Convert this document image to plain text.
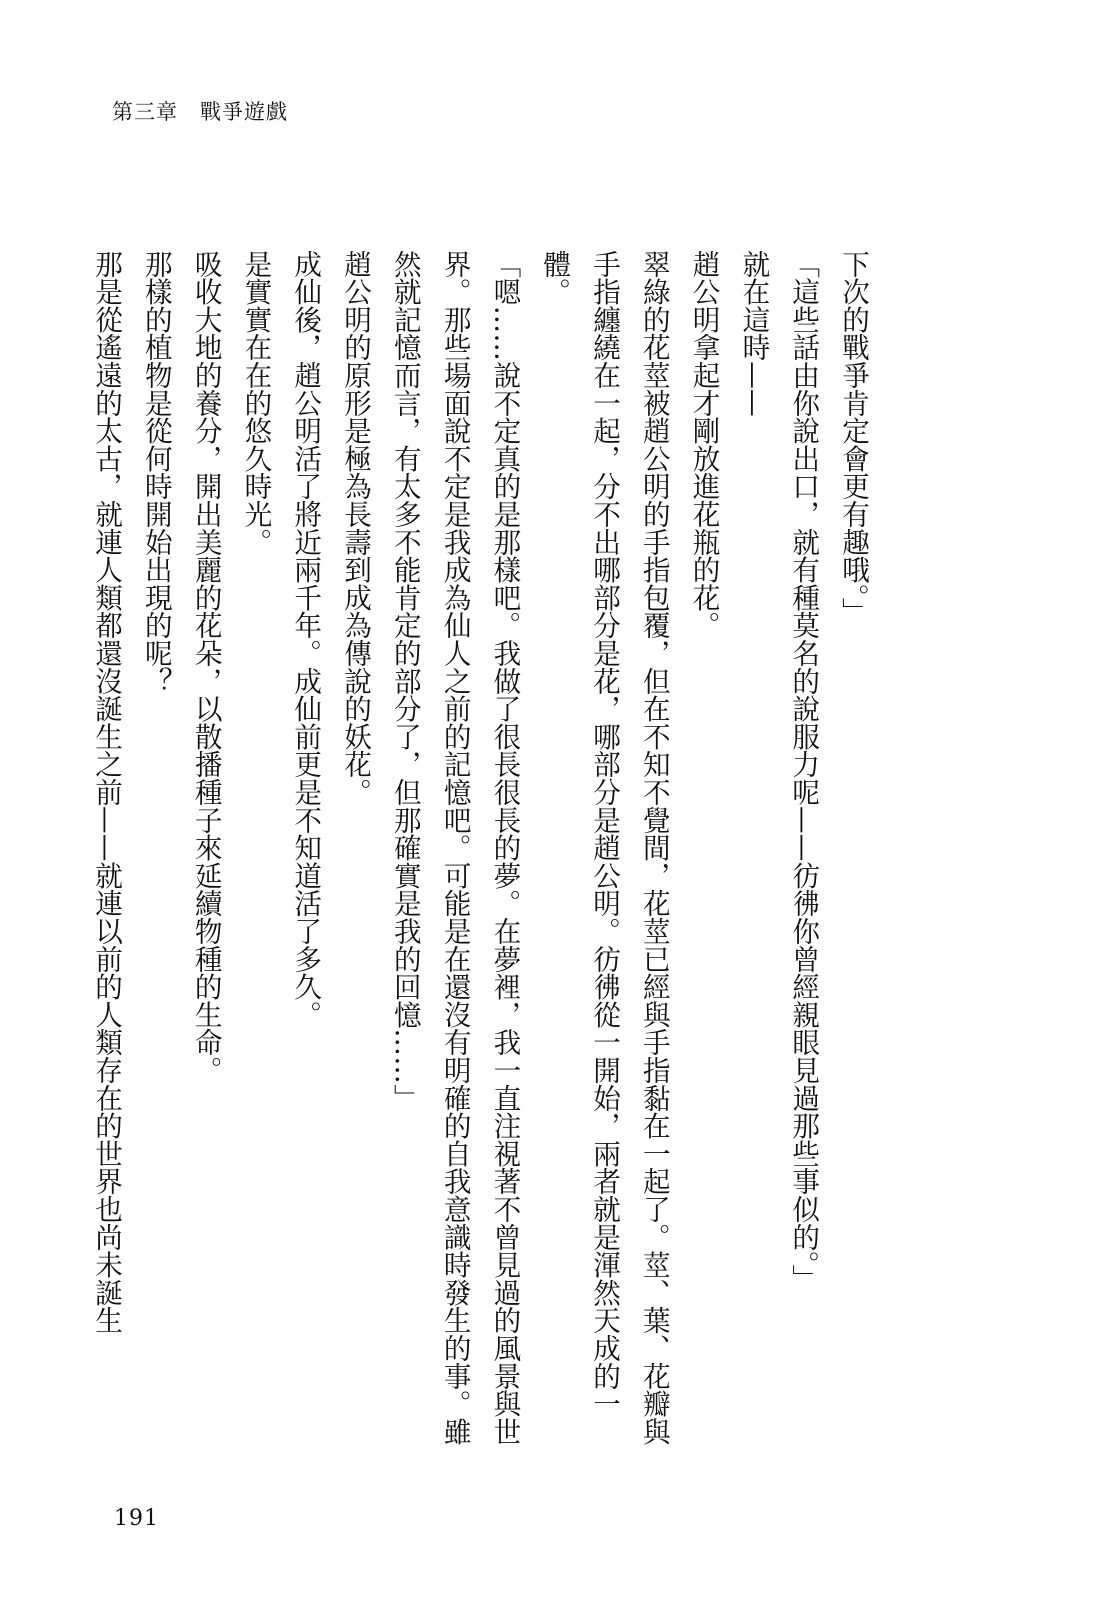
第三章 戰爭遊戲

下次的戰爭肯定會更有趣哦。」

「這些話由你說出口，就有種莫名的說服力呢——彷彿你曾經親眼見過那些事似的。」

就在這時——

趙公明拿起才剛放進花瓶的花。

翠綠的花莖被趙公明的手指包覆，但在不知不覺間，花莖已經與手指黏在一起了。莖、葉、花瓣與手指纏繞在一起，分不出哪部分是花，哪部分是趙公明。彷彿從一開始，兩者就是渾然天成的一體。

「嗯……說不定真的是那樣吧。我做了很長很長的夢。在夢裡，我一直注視著不曾見過的風景與世界。那些場面說不定是我成為仙人之前的記憶吧。可能是在還沒有明確的自我意識時發生的事。雖然就記憶而言，有太多不能肯定的部分了，但那確實是我的回憶……」

趙公明的原形是極為長壽到成為傳說的妖花。

成仙後，趙公明活了將近兩千年。成仙前更是不知道活了多久。

是實實在在的悠久時光。

吸收大地的養分，開出美麗的花朵，以散播種子來延續物種的生命。

那樣的植物是從何時開始出現的呢？

那是從遙遠的太古，就連人類都還沒誕生之前——就連以前的人類存在的世界也尚未誕生

191
